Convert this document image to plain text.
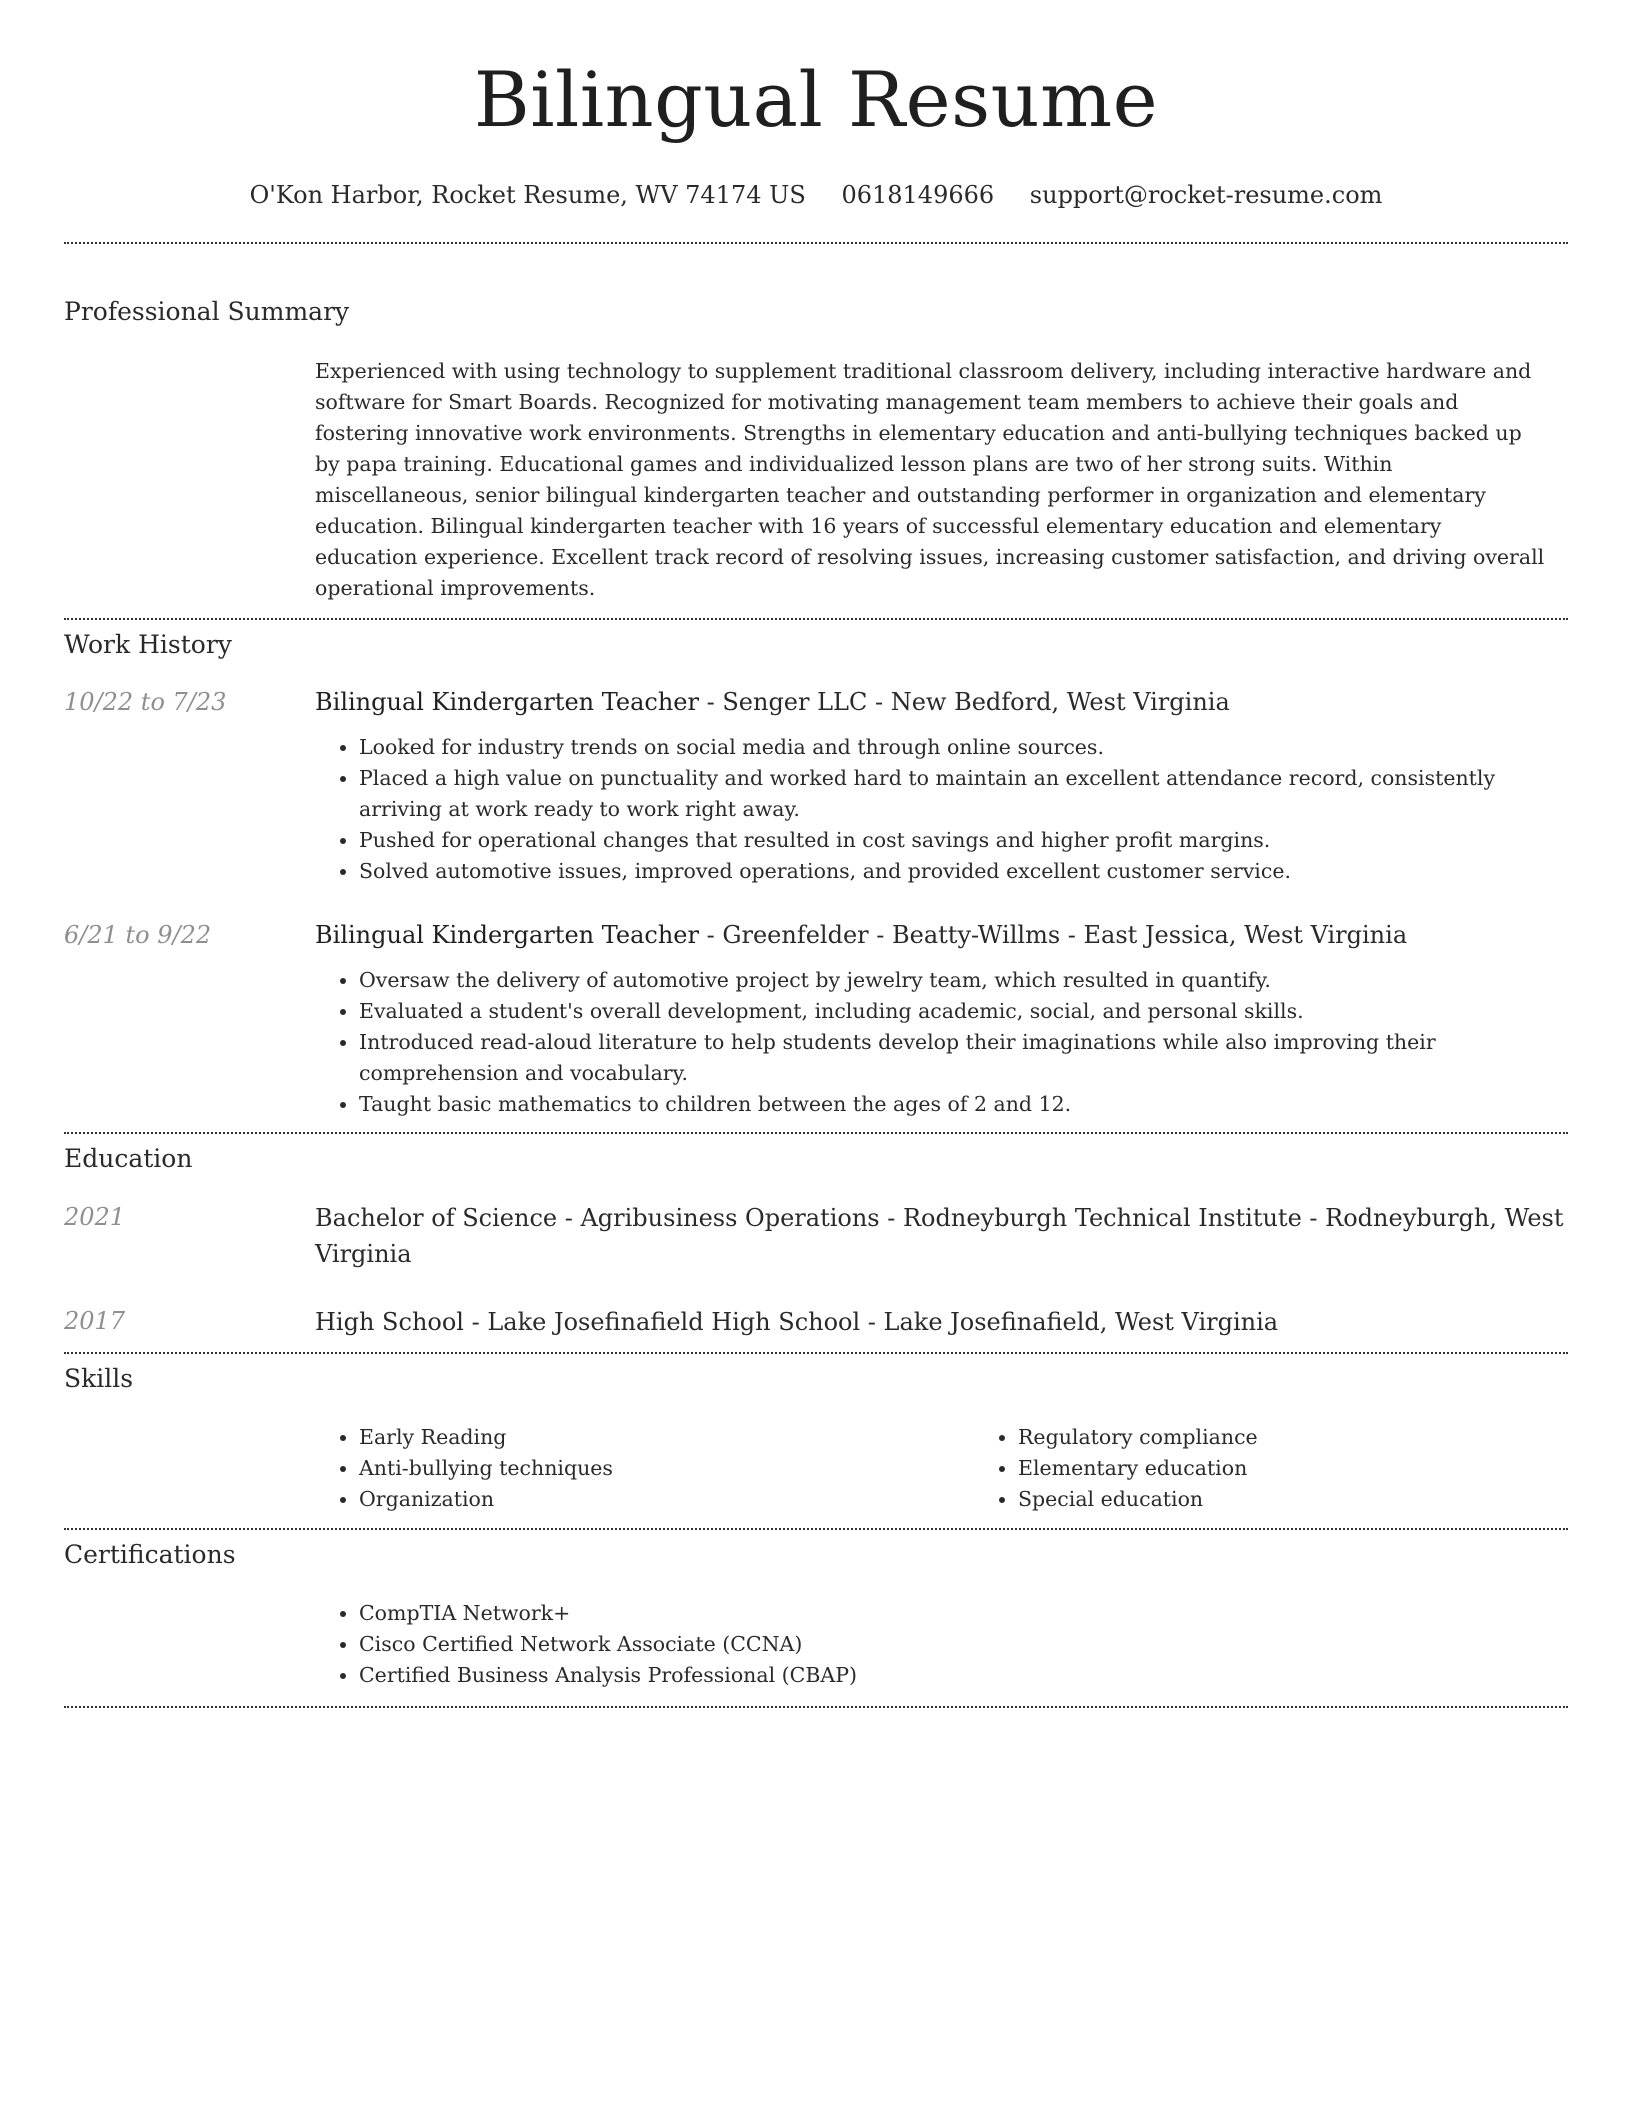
Bilingual Resume
O'Kon Harbor, Rocket Resume, WV 74174 US 0618149666 support@rocket-resume.com
Professional Summary

Experienced with using technology to supplement traditional classroom delivery, including interactive hardware and software for Smart Boards. Recognized for motivating management team members to achieve their goals and fostering innovative work environments. Strengths in elementary education and anti-bullying techniques backed up by papa training. Educational games and individualized lesson plans are two of her strong suits. Within miscellaneous, senior bilingual kindergarten teacher and outstanding performer in organization and elementary education. Bilingual kindergarten teacher with 16 years of successful elementary education and elementary education experience. Excellent track record of resolving issues, increasing customer satisfaction, and driving overall operational improvements.

Work History
10/22 to 7/23	Bilingual Kindergarten Teacher - Senger LLC - New Bedford, West Virginia
• Looked for industry trends on social media and through online sources.
• Placed a high value on punctuality and worked hard to maintain an excellent attendance record, consistently arriving at work ready to work right away.
• Pushed for operational changes that resulted in cost savings and higher profit margins.
• Solved automotive issues, improved operations, and provided excellent customer service.
6/21 to 9/22	Bilingual Kindergarten Teacher - Greenfelder - Beatty-Willms - East Jessica, West Virginia
• Oversaw the delivery of automotive project by jewelry team, which resulted in quantify.
• Evaluated a student's overall development, including academic, social, and personal skills.
• Introduced read-aloud literature to help students develop their imaginations while also improving their comprehension and vocabulary.
• Taught basic mathematics to children between the ages of 2 and 12.
Education
2021	Bachelor of Science - Agribusiness Operations - Rodneyburgh Technical Institute - Rodneyburgh, West Virginia
2017	High School - Lake Josefinafield High School - Lake Josefinafield, West Virginia
Skills
• Early Reading
• Anti-bullying techniques
• Organization
• Regulatory compliance
• Elementary education
• Special education
Certifications
• CompTIA Network+
• Cisco Certified Network Associate (CCNA)
• Certified Business Analysis Professional (CBAP)
